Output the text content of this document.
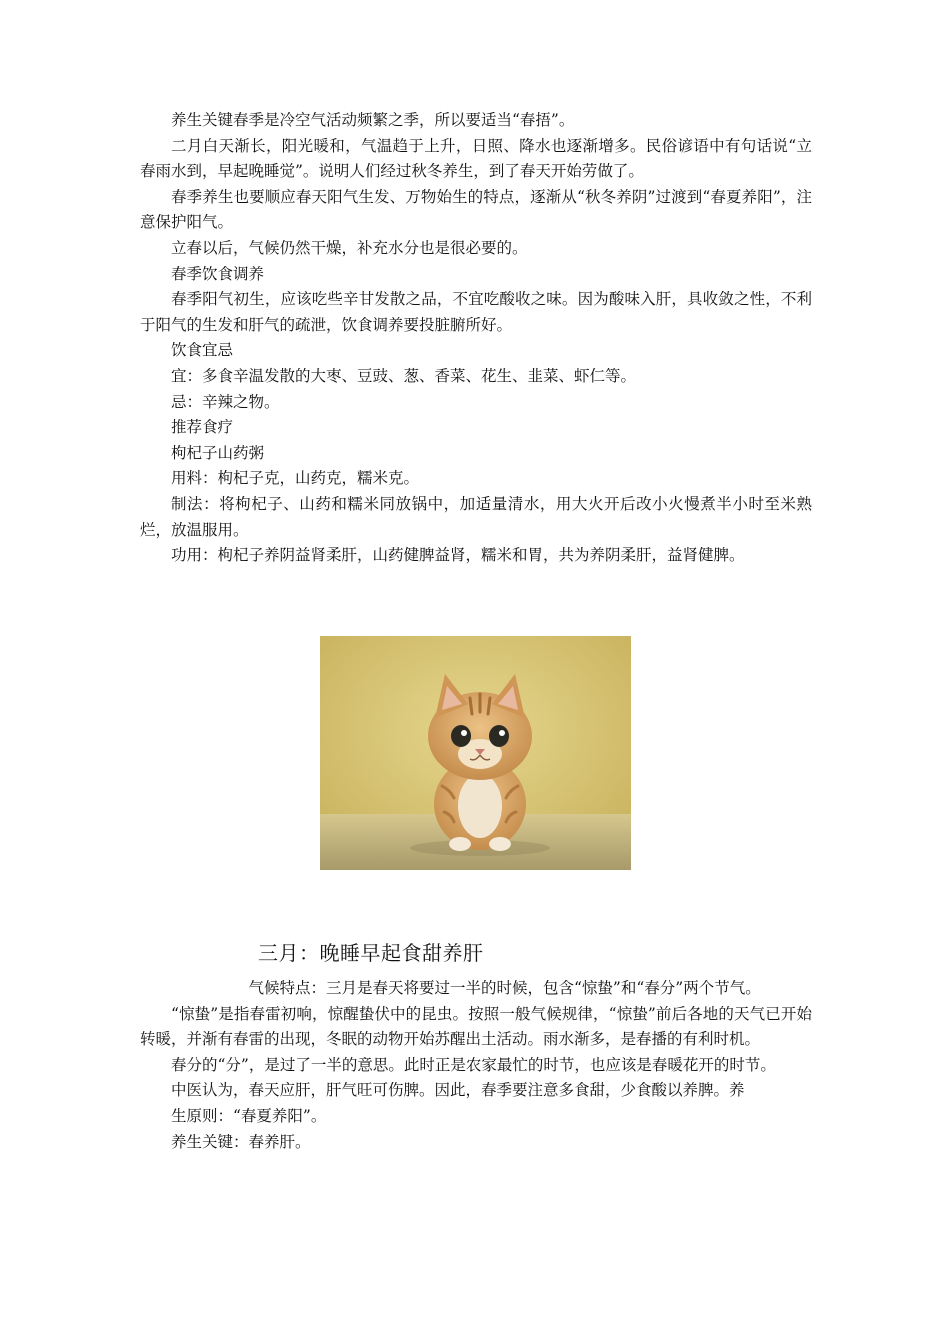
养生关键春季是冷空气活动频繁之季，所以要适当“春捂”。

二月白天渐长，阳光暖和，气温趋于上升，日照、降水也逐渐增多。民俗谚语中有句话说“立春雨水到，早起晚睡觉”。说明人们经过秋冬养生，到了春天开始劳做了。

春季养生也要顺应春天阳气生发、万物始生的特点，逐渐从“秋冬养阴”过渡到“春夏养阳”，注意保护阳气。

立春以后，气候仍然干燥，补充水分也是很必要的。

春季饮食调养

春季阳气初生，应该吃些辛甘发散之品，不宜吃酸收之味。因为酸味入肝，具收敛之性，不利于阳气的生发和肝气的疏泄，饮食调养要投脏腑所好。

饮食宜忌

宜：多食辛温发散的大枣、豆豉、葱、香菜、花生、韭菜、虾仁等。

忌：辛辣之物。

推荐食疗

枸杞子山药粥

用料：枸杞子克，山药克，糯米克。

制法：将枸杞子、山药和糯米同放锅中，加适量清水，用大火开后改小火慢煮半小时至米熟烂，放温服用。

功用：枸杞子养阴益肾柔肝，山药健脾益肾，糯米和胃，共为养阴柔肝，益肾健脾。

三月：晚睡早起食甜养肝

气候特点：三月是春天将要过一半的时候，包含“惊蛰”和“春分”两个节气。

“惊蛰”是指春雷初响，惊醒蛰伏中的昆虫。按照一般气候规律，“惊蛰”前后各地的天气已开始转暖，并渐有春雷的出现，冬眠的动物开始苏醒出土活动。雨水渐多，是春播的有利时机。

春分的“分”，是过了一半的意思。此时正是农家最忙的时节，也应该是春暖花开的时节。

中医认为，春天应肝，肝气旺可伤脾。因此，春季要注意多食甜，少食酸以养脾。养

生原则：“春夏养阳”。

养生关键：春养肝。
